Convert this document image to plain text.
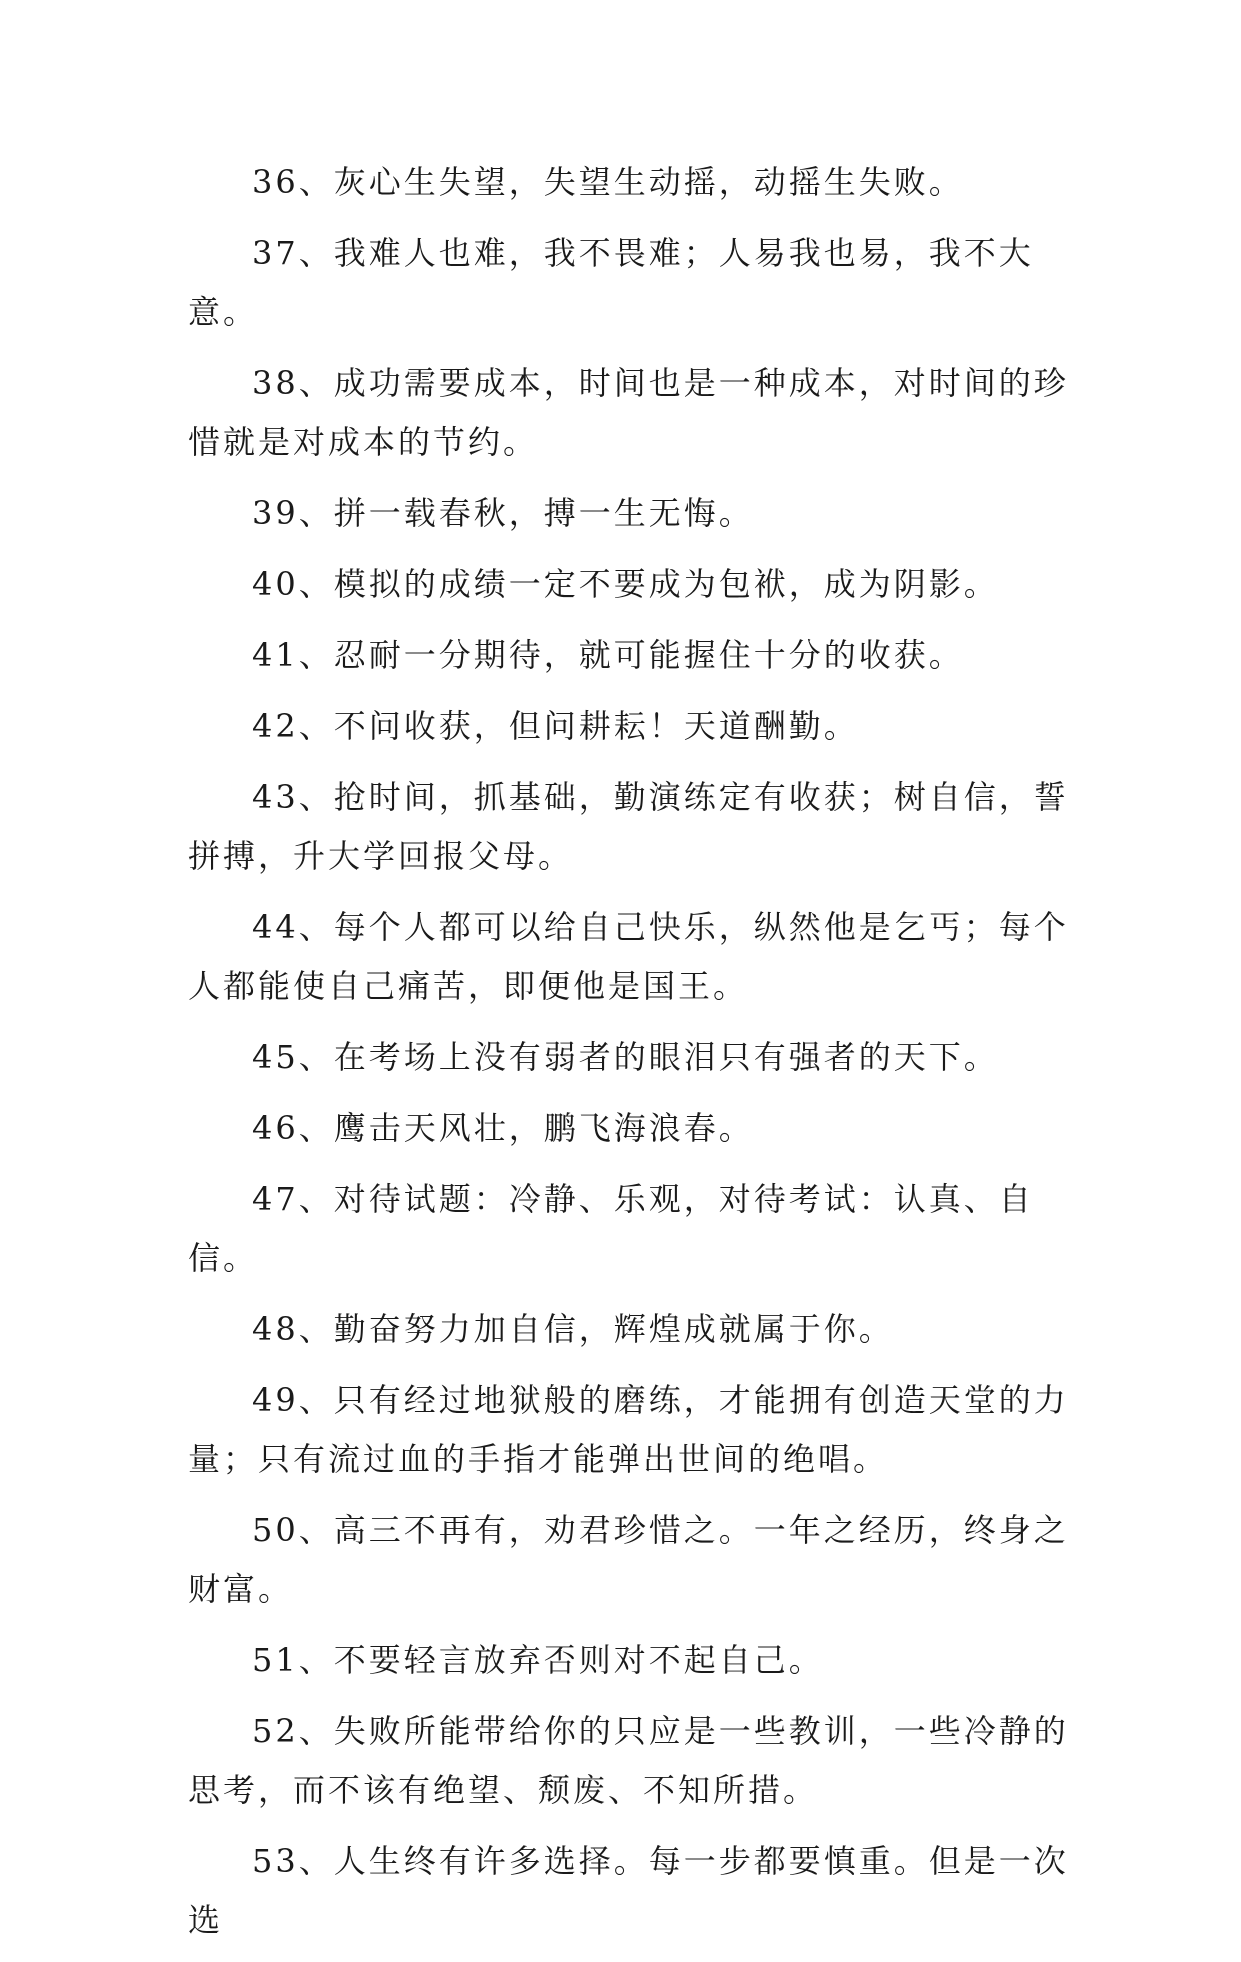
36、灰心生失望，失望生动摇，动摇生失败。

37、我难人也难，我不畏难；人易我也易，我不大意。

38、成功需要成本，时间也是一种成本，对时间的珍惜就是对成本的节约。

39、拼一载春秋，搏一生无悔。

40、模拟的成绩一定不要成为包袱，成为阴影。

41、忍耐一分期待，就可能握住十分的收获。

42、不问收获，但问耕耘！天道酬勤。

43、抢时间，抓基础，勤演练定有收获；树自信，誓拼搏，升大学回报父母。

44、每个人都可以给自己快乐，纵然他是乞丐；每个人都能使自己痛苦，即便他是国王。

45、在考场上没有弱者的眼泪只有强者的天下。

46、鹰击天风壮，鹏飞海浪春。

47、对待试题：冷静、乐观，对待考试：认真、自信。

48、勤奋努力加自信，辉煌成就属于你。

49、只有经过地狱般的磨练，才能拥有创造天堂的力量；只有流过血的手指才能弹出世间的绝唱。

50、高三不再有，劝君珍惜之。一年之经历，终身之财富。

51、不要轻言放弃否则对不起自己。

52、失败所能带给你的只应是一些教训，一些冷静的思考，而不该有绝望、颓废、不知所措。

53、人生终有许多选择。每一步都要慎重。但是一次选
